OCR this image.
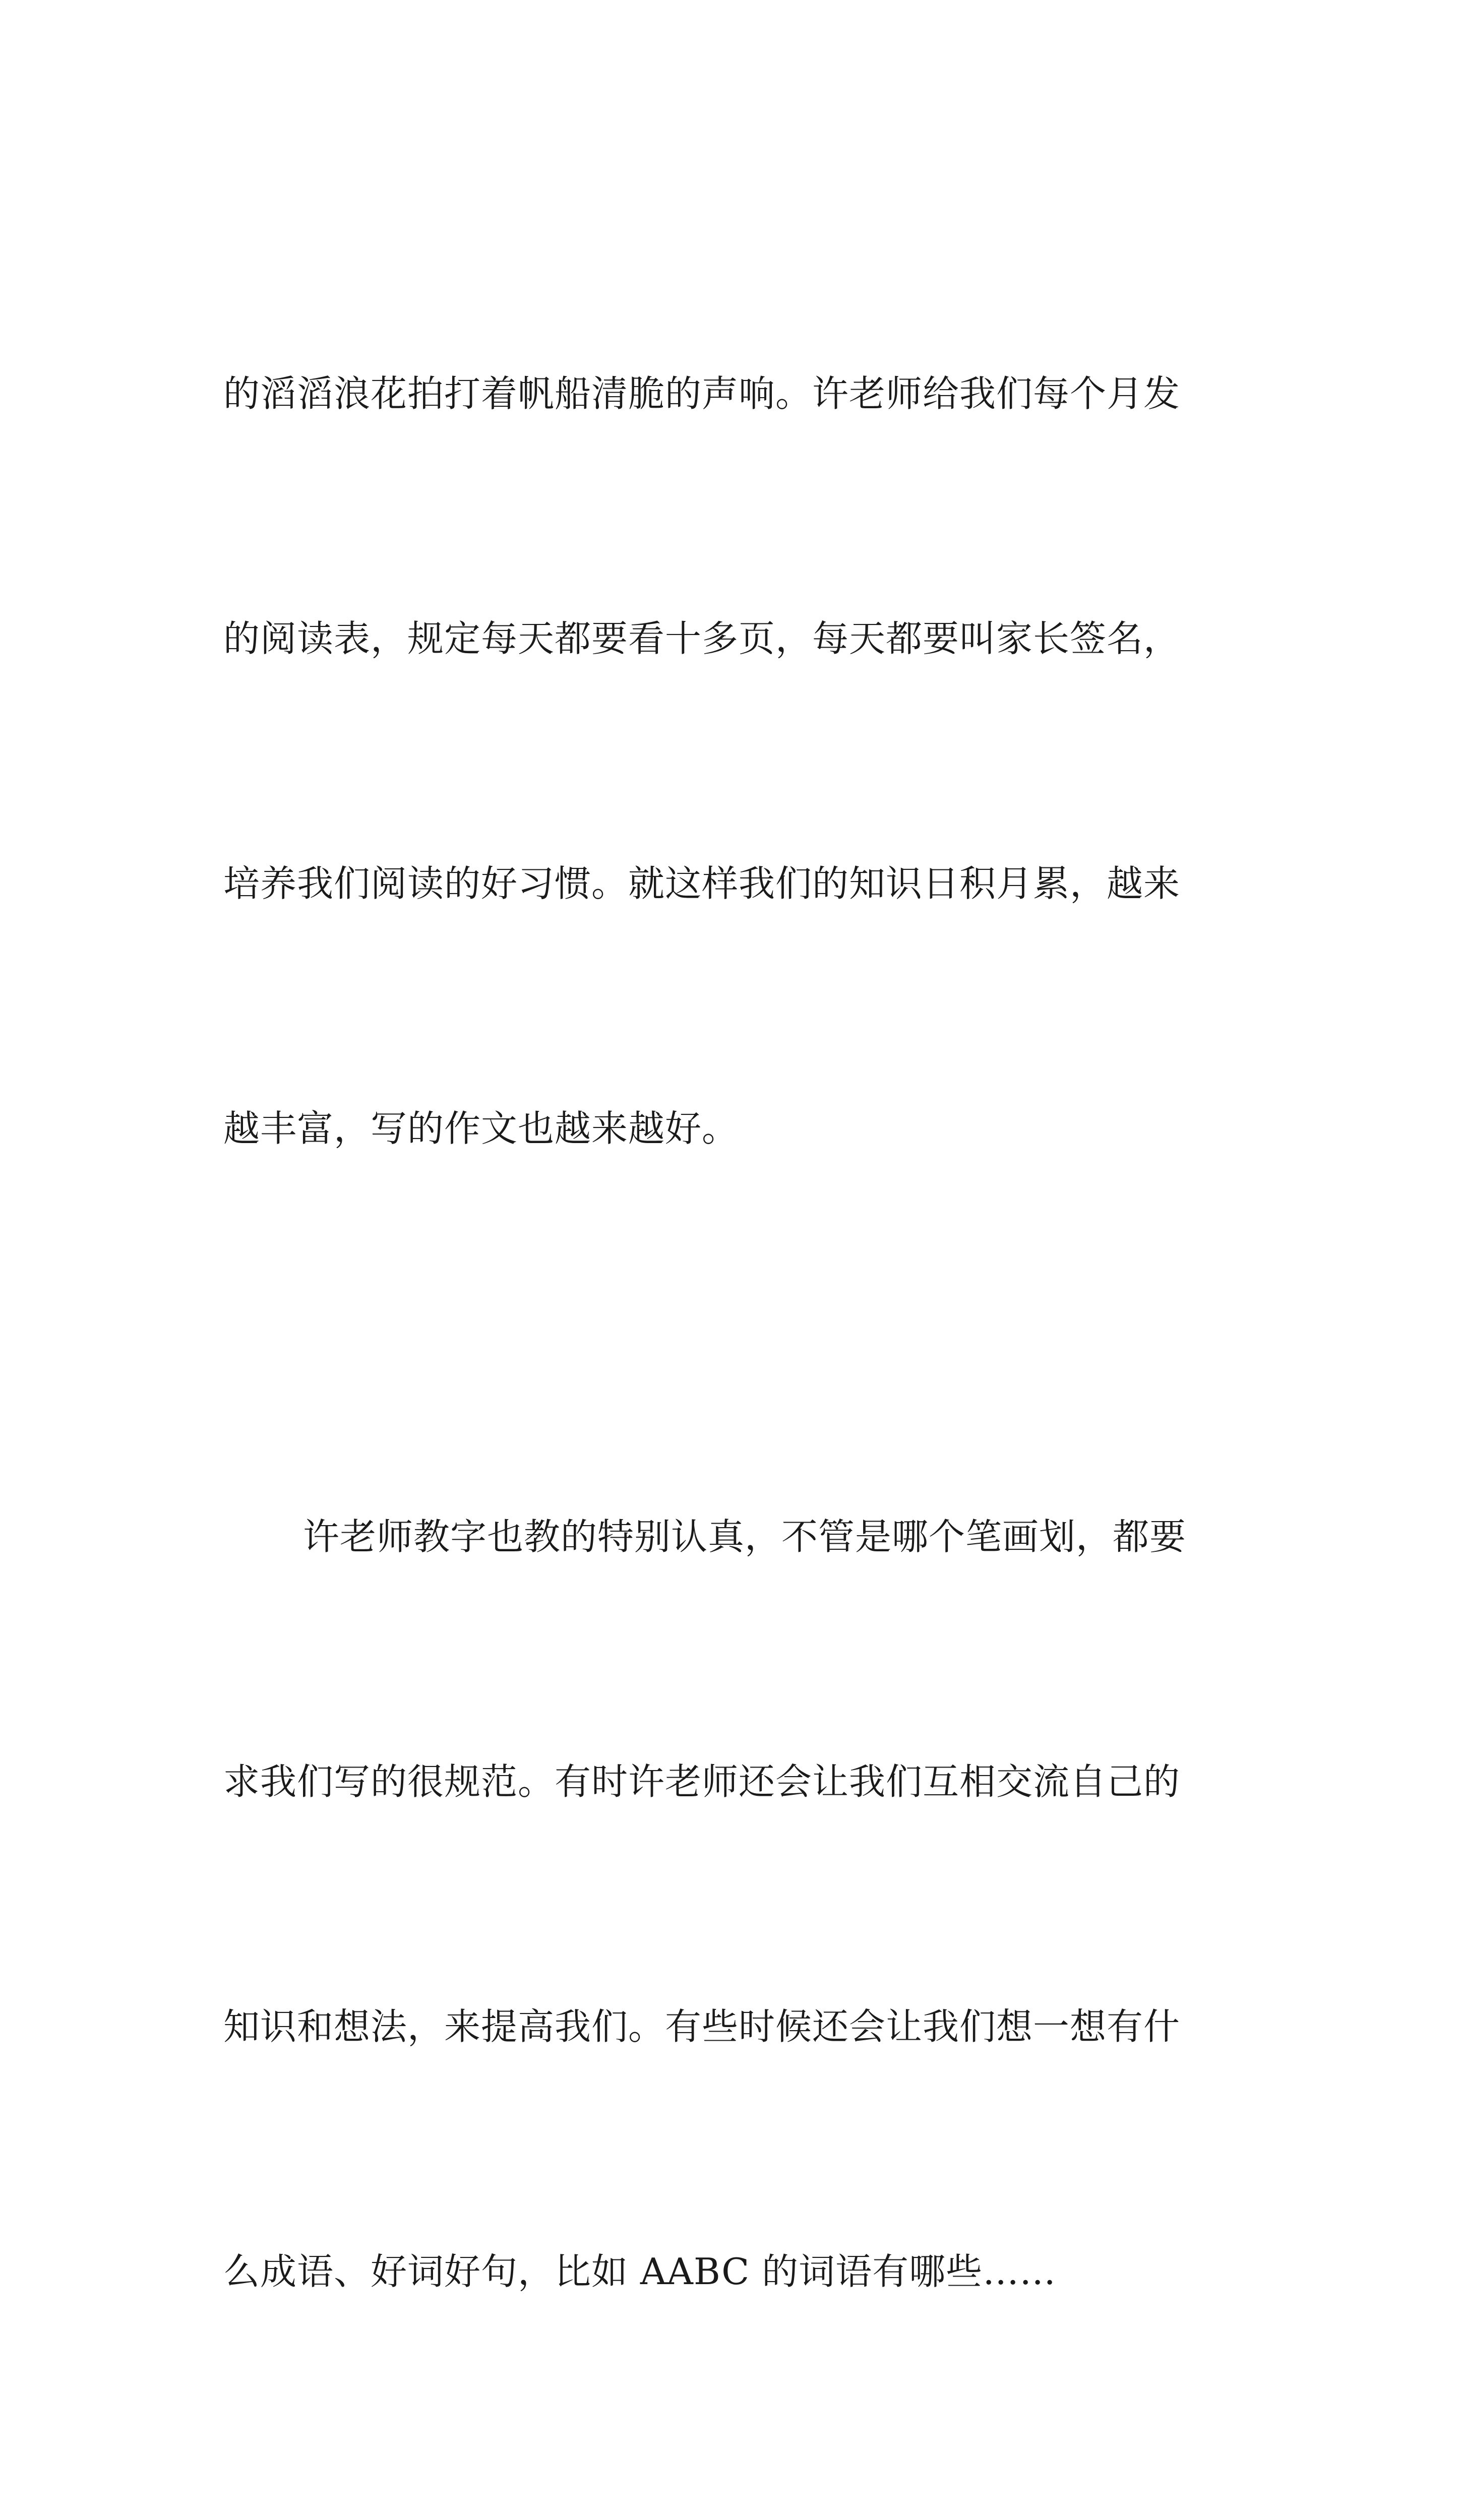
的滔滔浪花拍打着帆船清脆的声响。许老师给我们每个月发

的阅读表，规定每天都要看十多页，每天都要叫家长签名，

培养我们阅读的好习惯。就这样我们的知识日积月累，越来

越丰富，写的作文也越来越好。

许老师教字也教的特别认真，不管是哪个笔画划，都要

求我们写的很规范。有时许老师还会让我们互相交流自己的

知识和想法，来提高我们。有些时候还会让我们想一想有什

么成语、好词好句，比如 AABC 的词语有哪些……
